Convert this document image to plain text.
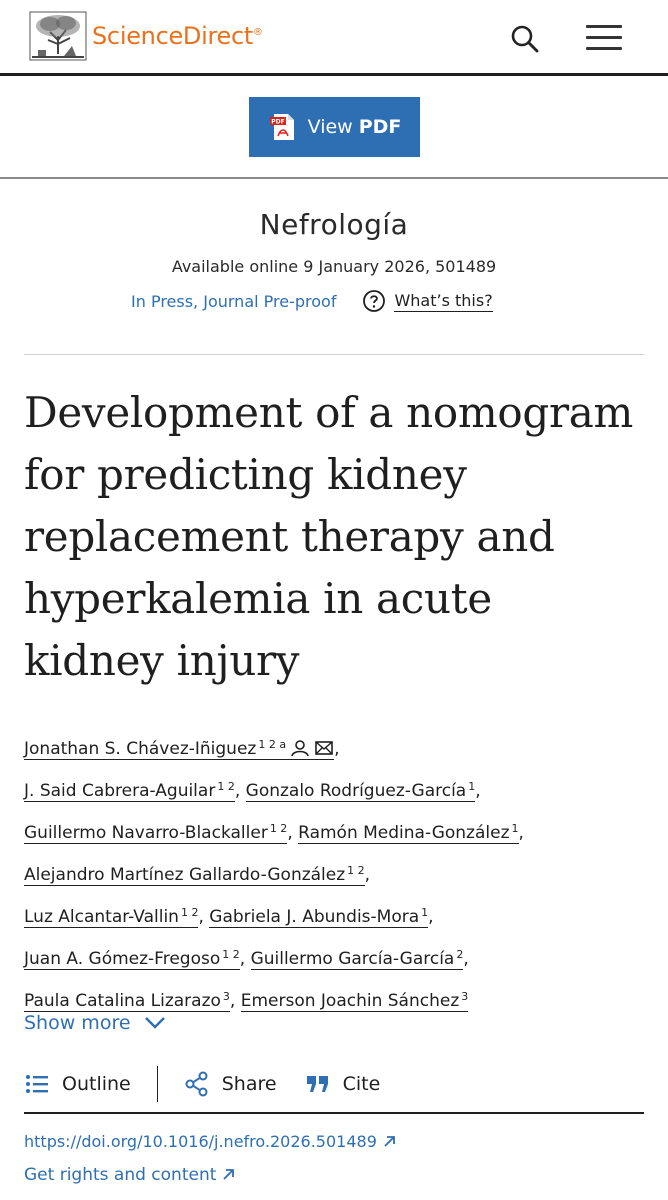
ScienceDirect®
PDF View PDF
Nefrología
Available online 9 January 2026, 501489
In Press, Journal Pre-proof	What’s this?
Development of a nomogram for predicting kidney replacement therapy and hyperkalemia in acute kidney injury
Jonathan S. Chávez-Iñiguez $^{1 2 a}$	,
J. Said Cabrera-Aguilar $^{1 2}$, Gonzalo Rodríguez-García $^1$,
Guillermo Navarro-Blackaller $^{1 2}$, Ramón Medina-González $^1$,
Alejandro Martínez Gallardo-González $^{1 2}$,
Luz Alcantar-Vallin $^{1 2}$, Gabriela J. Abundis-Mora $^1$,
Juan A. Gómez-Fregoso $^{1 2}$, Guillermo García-García $^2$,
Paula Catalina Lizarazo $^3$, Emerson Joachin Sánchez $^3$
Show more
Outline	Share	Cite
https://doi.org/10.1016/j.nefro.2026.501489
Get rights and content
